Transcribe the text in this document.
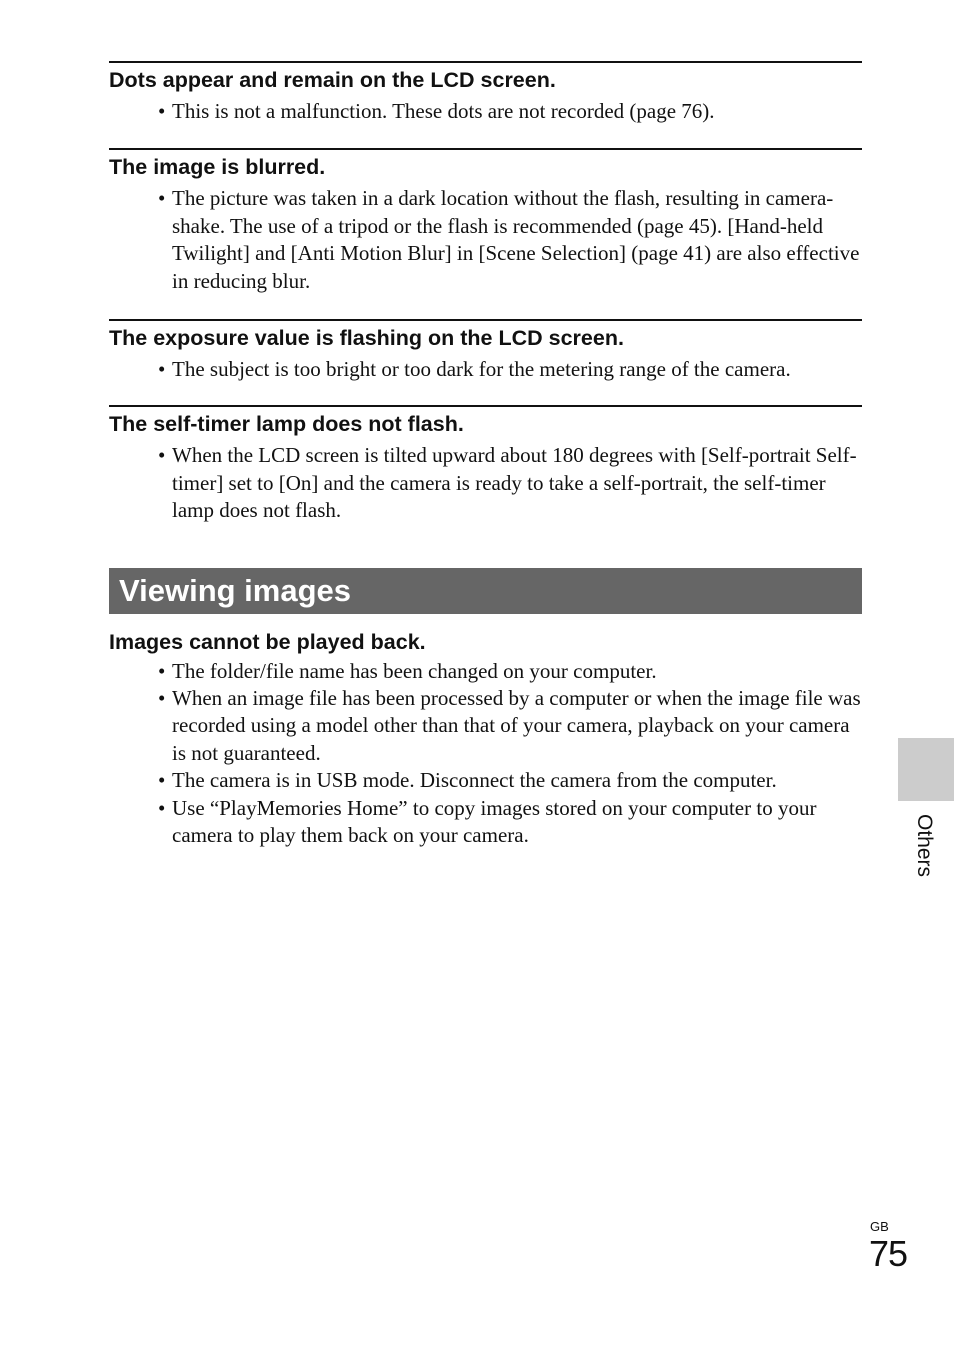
Dots appear and remain on the LCD screen.
• This is not a malfunction. These dots are not recorded (page 76).
The image is blurred.
• The picture was taken in a dark location without the flash, resulting in camera-shake. The use of a tripod or the flash is recommended (page 45). [Hand-held Twilight] and [Anti Motion Blur] in [Scene Selection] (page 41) are also effective in reducing blur.
The exposure value is flashing on the LCD screen.
• The subject is too bright or too dark for the metering range of the camera.
The self-timer lamp does not flash.
• When the LCD screen is tilted upward about 180 degrees with [Self-portrait Self-timer] set to [On] and the camera is ready to take a self-portrait, the self-timer lamp does not flash.
Viewing images
Images cannot be played back.
• The folder/file name has been changed on your computer.
• When an image file has been processed by a computer or when the image file was recorded using a model other than that of your camera, playback on your camera is not guaranteed.
• The camera is in USB mode. Disconnect the camera from the computer.
• Use “PlayMemories Home” to copy images stored on your computer to your camera to play them back on your camera.	Others
GB
75
